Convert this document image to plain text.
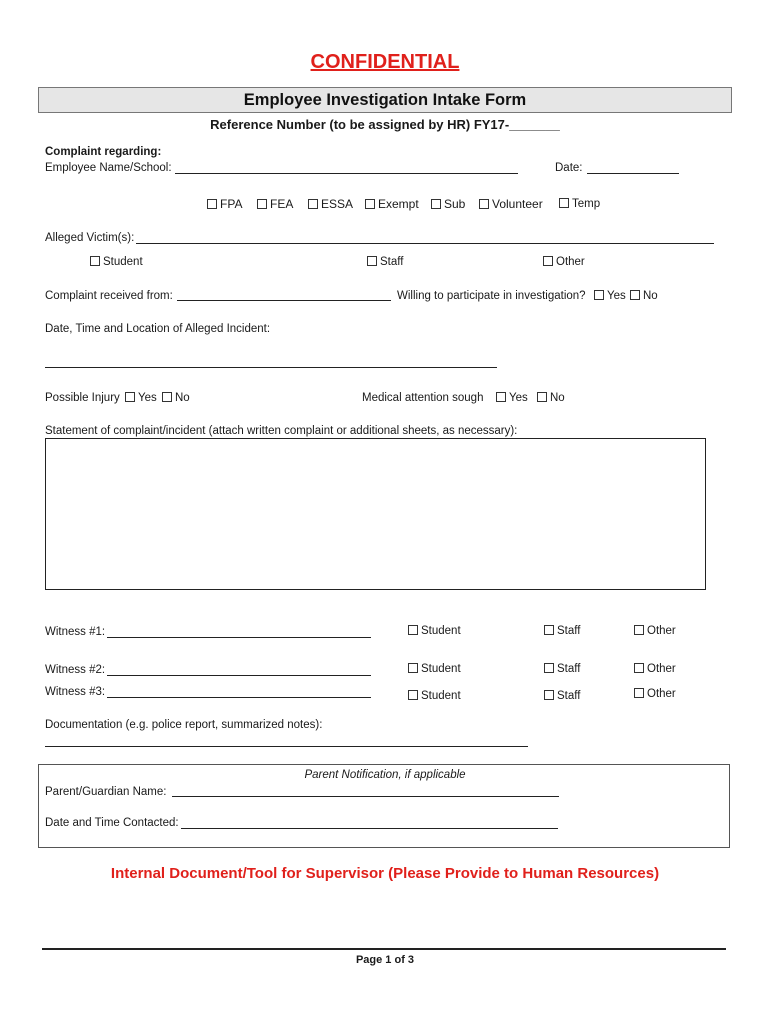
CONFIDENTIAL
Employee Investigation Intake Form
Reference Number (to be assigned by HR) FY17-_______
Complaint regarding:
Employee Name/School:	Date:
FPA	FEA	ESSA	Exempt	Sub	Volunteer	Temp
Alleged Victim(s):
Student	Staff	Other
Complaint received from:	Willing to participate in investigation?	Yes	No
Date, Time and Location of Alleged Incident:
Possible Injury	Yes	No	Medical attention sough	Yes	No
Statement of complaint/incident (attach written complaint or additional sheets, as necessary):
Witness #1:	Student	Staff	Other
Witness #2:	Student	Staff	Other
Witness #3:	Student	Staff	Other
Documentation (e.g. police report, summarized notes):
Parent Notification, if applicable
Parent/Guardian Name:
Date and Time Contacted:
Internal Document/Tool for Supervisor (Please Provide to Human Resources)
Page 1 of 3
